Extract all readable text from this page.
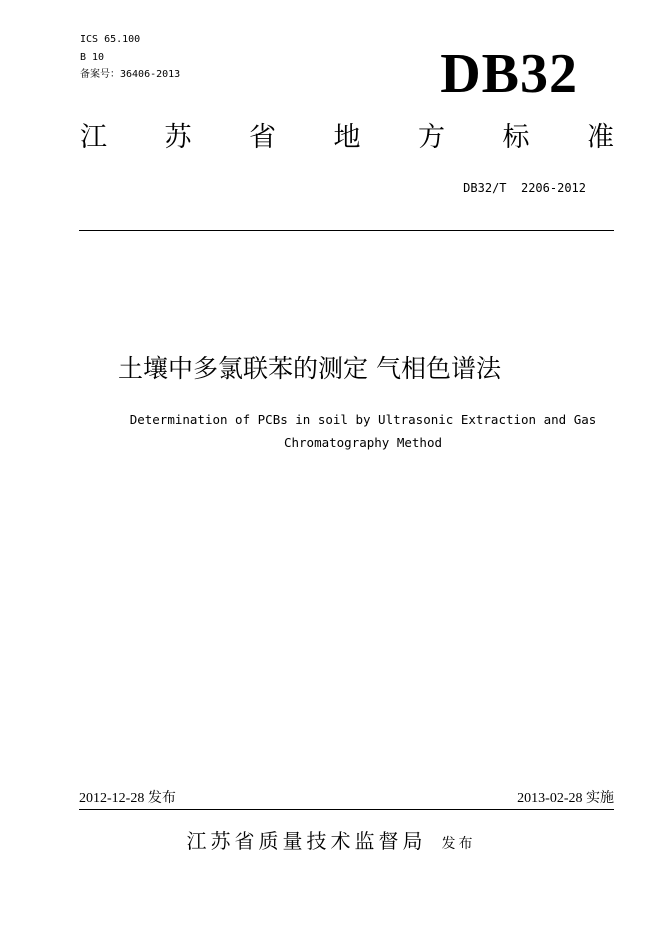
ICS 65.100
B 10
备案号：36406-2013	DB32
江 苏 省 地 方 标 准
DB32/T  2206-2012
土壤中多氯联苯的测定 气相色谱法
Determination of PCBs in soil by Ultrasonic Extraction and Gas
Chromatography Method
2012-12-28 发布	2013-02-28 实施
江苏省质量技术监督局 发布
